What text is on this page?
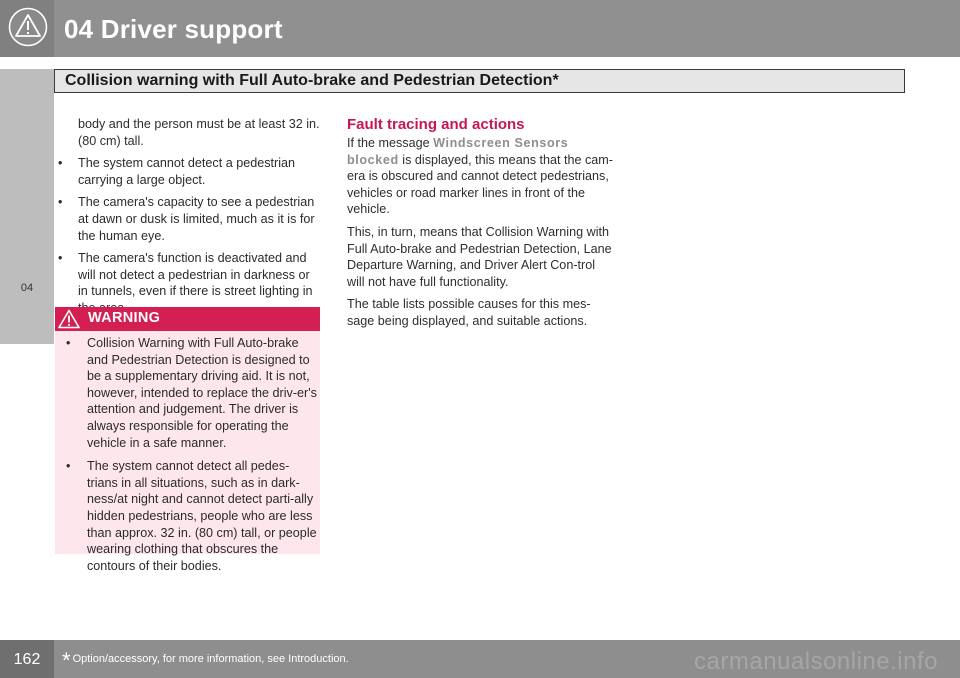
04 Driver support
Collision warning with Full Auto-brake and Pedestrian Detection*
04

body and the person must be at least 32 in. (80 cm) tall.

• The system cannot detect a pedestrian carrying a large object.
• The camera's capacity to see a pedestrian at dawn or dusk is limited, much as it is for the human eye.
• The camera's function is deactivated and will not detect a pedestrian in darkness or in tunnels, even if there is street lighting in
WARNING
• Collision Warning with Full Auto-brake and Pedestrian Detection is designed to be a supplementary driving aid. It is not, however, intended to replace the driv-er's attention and judgement. The driver is always responsible for operating the vehicle in a safe manner.
• The system cannot detect all pedes-trians in all situations, such as in dark-ness/at night and cannot detect parti-ally hidden pedestrians, people who are less than approx. 32 in. (80 cm) tall, or people wearing clothing that obscures the contours of their bodies.
Fault tracing and actions

If the message Windscreen Sensors blocked is displayed, this means that the cam-era is obscured and cannot detect pedestrians, vehicles or road marker lines in front of the vehicle.

This, in turn, means that Collision Warning with Full Auto-brake and Pedestrian Detection, Lane Departure Warning, and Driver Alert Con-trol will not have full functionality.

The table lists possible causes for this mes-sage being displayed, and suitable actions.

162 * Option/accessory, for more information, see Introduction.	carmanualsonline.info
